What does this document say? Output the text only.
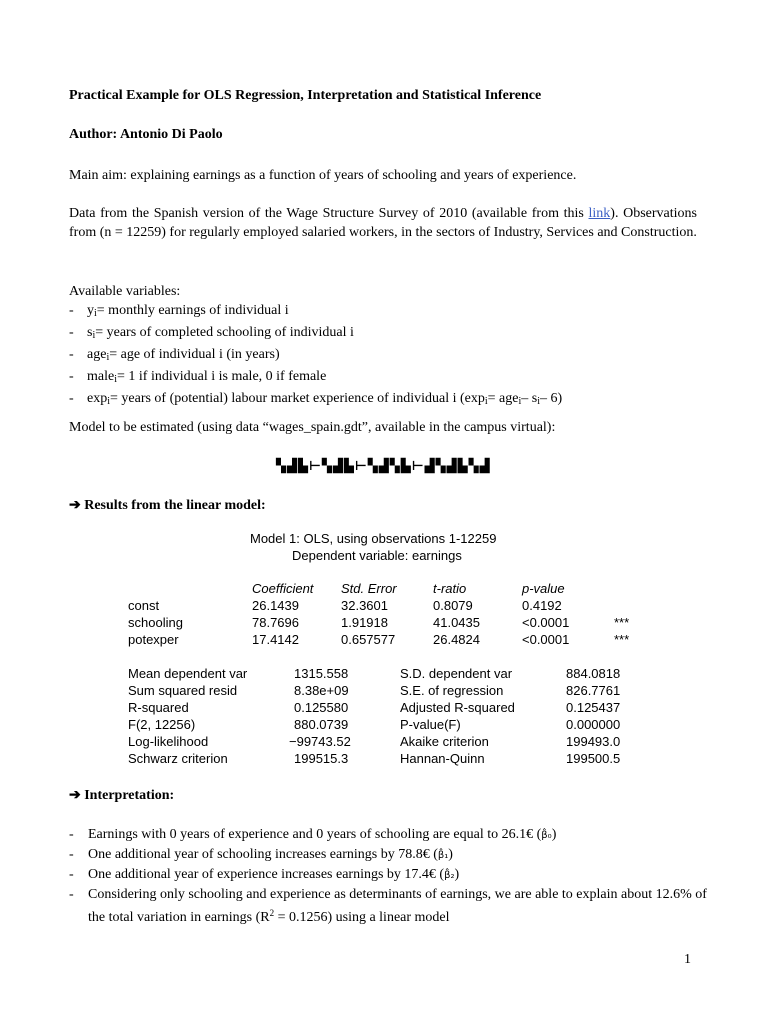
Practical Example for OLS Regression, Interpretation and Statistical Inference
Author: Antonio Di Paolo
Main aim: explaining earnings as a function of years of schooling and years of experience.
Data from the Spanish version of the Wage Structure Survey of 2010 (available from this link). Observations from (n = 12259) for regularly employed salaried workers, in the sectors of Industry, Services and Construction.
Available variables:
- $y_i=$ monthly earnings of individual i
- $s_i=$ years of completed schooling of individual i
- age$_i$= age of individual i (in years)
- male$_i$= 1 if individual i is male, 0 if female
- $\exp_i=$ years of (potential) labour market experience of individual i ($\exp_i= age_i-$ $s_i-$ 6)
Model to be estimated (using data “wages_spain.gdt”, available in the campus virtual):
▚▟▙⊢▚▟▙⊢▚▟▚▙⊢▟▚▟▙▚▟
➔ Results from the linear model:
Model 1: OLS, using observations 1-12259
Dependent variable: earnings
Coefficient Std. Error	t-ratio	p-value
const	26.1439	32.3601	0.8079	0.4192
schooling	78.7696	1.91918	41.0435	<0.0001	***
potexper	17.4142	0.657577	26.4824	<0.0001	***
Mean dependent var	1315.558	S.D. dependent var	884.0818
Sum squared resid	8.38e+09	S.E. of regression	826.7761
R-squared	0.125580	Adjusted R-squared	0.125437
F(2, 12256)	880.0739	P-value(F)	0.000000
Log-likelihood	−99743.52	Akaike criterion	199493.0
Schwarz criterion	199515.3	Hannan-Quinn	199500.5
➔ Interpretation:
- Earnings with 0 years of experience and 0 years of schooling are equal to 26.1€ (β̂₀)
- One additional year of schooling increases earnings by 78.8€ (β̂₁)
- One additional year of experience increases earnings by 17.4€ (β̂₂)
- Considering only schooling and experience as determinants of earnings, we are able to explain about 12.6% of the total variation in earnings $(R^2 = 0.1256)$ using a linear model
1
